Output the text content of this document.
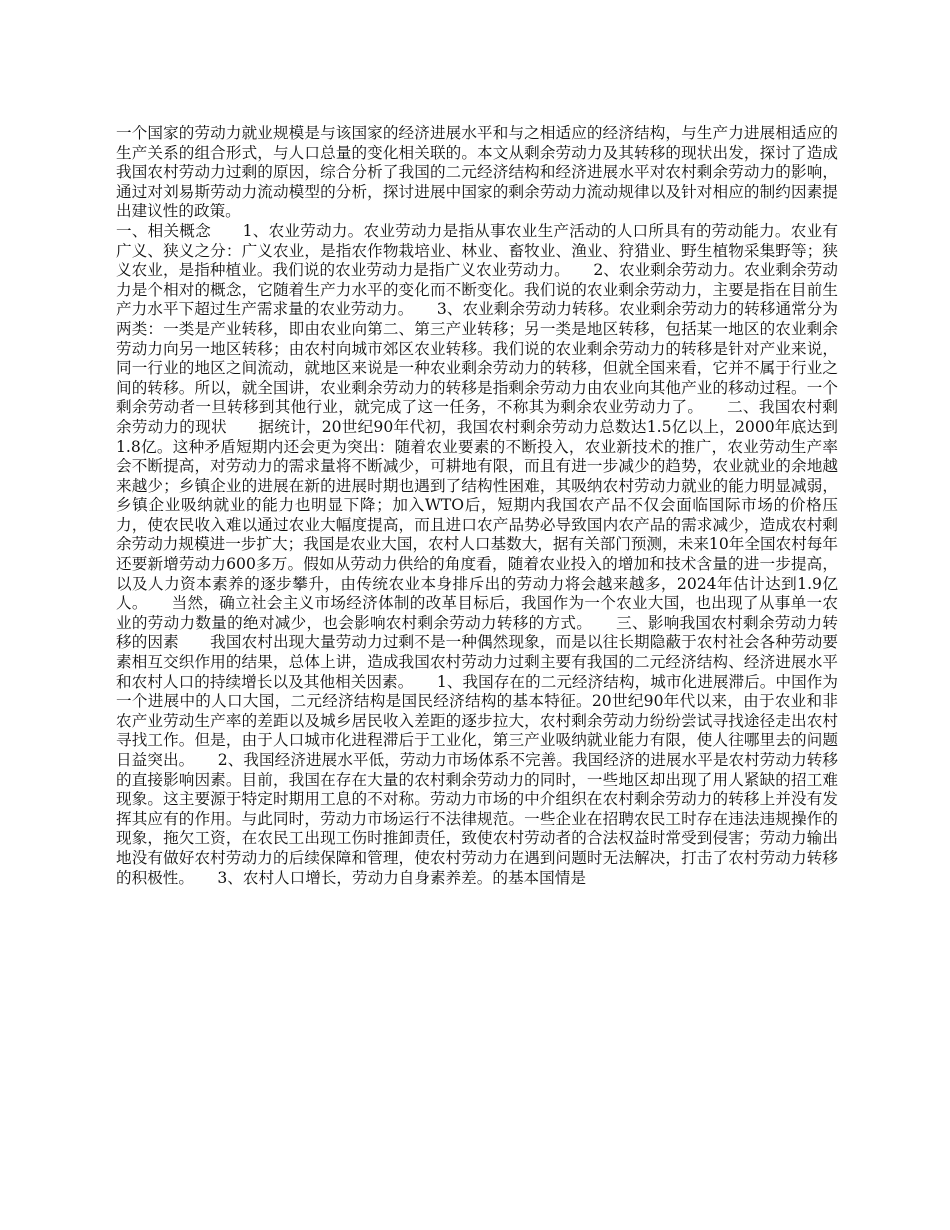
一个国家的劳动力就业规模是与该国家的经济进展水平和与之相适应的经济结构，与生产力进展相适应的生产关系的组合形式，与人口总量的变化相关联的。本文从剩余劳动力及其转移的现状出发，探讨了造成我国农村劳动力过剩的原因，综合分析了我国的二元经济结构和经济进展水平对农村剩余劳动力的影响，通过对刘易斯劳动力流动模型的分析，探讨进展中国家的剩余劳动力流动规律以及针对相应的制约因素提出建议性的政策。

一、相关概念　　1、农业劳动力。农业劳动力是指从事农业生产活动的人口所具有的劳动能力。农业有广义、狭义之分：广义农业，是指农作物栽培业、林业、畜牧业、渔业、狩猎业、野生植物采集野等；狭义农业，是指种植业。我们说的农业劳动力是指广义农业劳动力。　　2、农业剩余劳动力。农业剩余劳动力是个相对的概念，它随着生产力水平的变化而不断变化。我们说的农业剩余劳动力，主要是指在目前生产力水平下超过生产需求量的农业劳动力。　　3、农业剩余劳动力转移。农业剩余劳动力的转移通常分为两类：一类是产业转移，即由农业向第二、第三产业转移；另一类是地区转移，包括某一地区的农业剩余劳动力向另一地区转移；由农村向城市郊区农业转移。我们说的农业剩余劳动力的转移是针对产业来说，同一行业的地区之间流动，就地区来说是一种农业剩余劳动力的转移，但就全国来看，它并不属于行业之间的转移。所以，就全国讲，农业剩余劳动力的转移是指剩余劳动力由农业向其他产业的移动过程。一个剩余劳动者一旦转移到其他行业，就完成了这一任务，不称其为剩余农业劳动力了。　　二、我国农村剩余劳动力的现状　　据统计，20世纪90年代初，我国农村剩余劳动力总数达1.5亿以上，2000年底达到1.8亿。这种矛盾短期内还会更为突出：随着农业要素的不断投入，农业新技术的推广，农业劳动生产率会不断提高，对劳动力的需求量将不断减少，可耕地有限，而且有进一步减少的趋势，农业就业的余地越来越少；乡镇企业的进展在新的进展时期也遇到了结构性困难，其吸纳农村劳动力就业的能力明显减弱，乡镇企业吸纳就业的能力也明显下降；加入WTO后，短期内我国农产品不仅会面临国际市场的价格压力，使农民收入难以通过农业大幅度提高，而且进口农产品势必导致国内农产品的需求减少，造成农村剩余劳动力规模进一步扩大；我国是农业大国，农村人口基数大，据有关部门预测，未来10年全国农村每年还要新增劳动力600多万。假如从劳动力供给的角度看，随着农业投入的增加和技术含量的进一步提高，以及人力资本素养的逐步攀升，由传统农业本身排斥出的劳动力将会越来越多，2024年估计达到1.9亿人。　　当然，确立社会主义市场经济体制的改革目标后，我国作为一个农业大国，也出现了从事单一农业的劳动力数量的绝对减少，也会影响农村剩余劳动力转移的方式。　　三、影响我国农村剩余劳动力转移的因素　　我国农村出现大量劳动力过剩不是一种偶然现象，而是以往长期隐蔽于农村社会各种劳动要素相互交织作用的结果，总体上讲，造成我国农村劳动力过剩主要有我国的二元经济结构、经济进展水平和农村人口的持续增长以及其他相关因素。　　1、我国存在的二元经济结构，城市化进展滞后。中国作为一个进展中的人口大国，二元经济结构是国民经济结构的基本特征。20世纪90年代以来，由于农业和非农产业劳动生产率的差距以及城乡居民收入差距的逐步拉大，农村剩余劳动力纷纷尝试寻找途径走出农村寻找工作。但是，由于人口城市化进程滞后于工业化，第三产业吸纳就业能力有限，使人往哪里去的问题日益突出。　　2、我国经济进展水平低，劳动力市场体系不完善。我国经济的进展水平是农村劳动力转移的直接影响因素。目前，我国在存在大量的农村剩余劳动力的同时，一些地区却出现了用人紧缺的招工难现象。这主要源于特定时期用工息的不对称。劳动力市场的中介组织在农村剩余劳动力的转移上并没有发挥其应有的作用。与此同时，劳动力市场运行不法律规范。一些企业在招聘农民工时存在违法违规操作的现象，拖欠工资，在农民工出现工伤时推卸责任，致使农村劳动者的合法权益时常受到侵害；劳动力输出地没有做好农村劳动力的后续保障和管理，使农村劳动力在遇到问题时无法解决，打击了农村劳动力转移的积极性。　　3、农村人口增长，劳动力自身素养差。的基本国情是
